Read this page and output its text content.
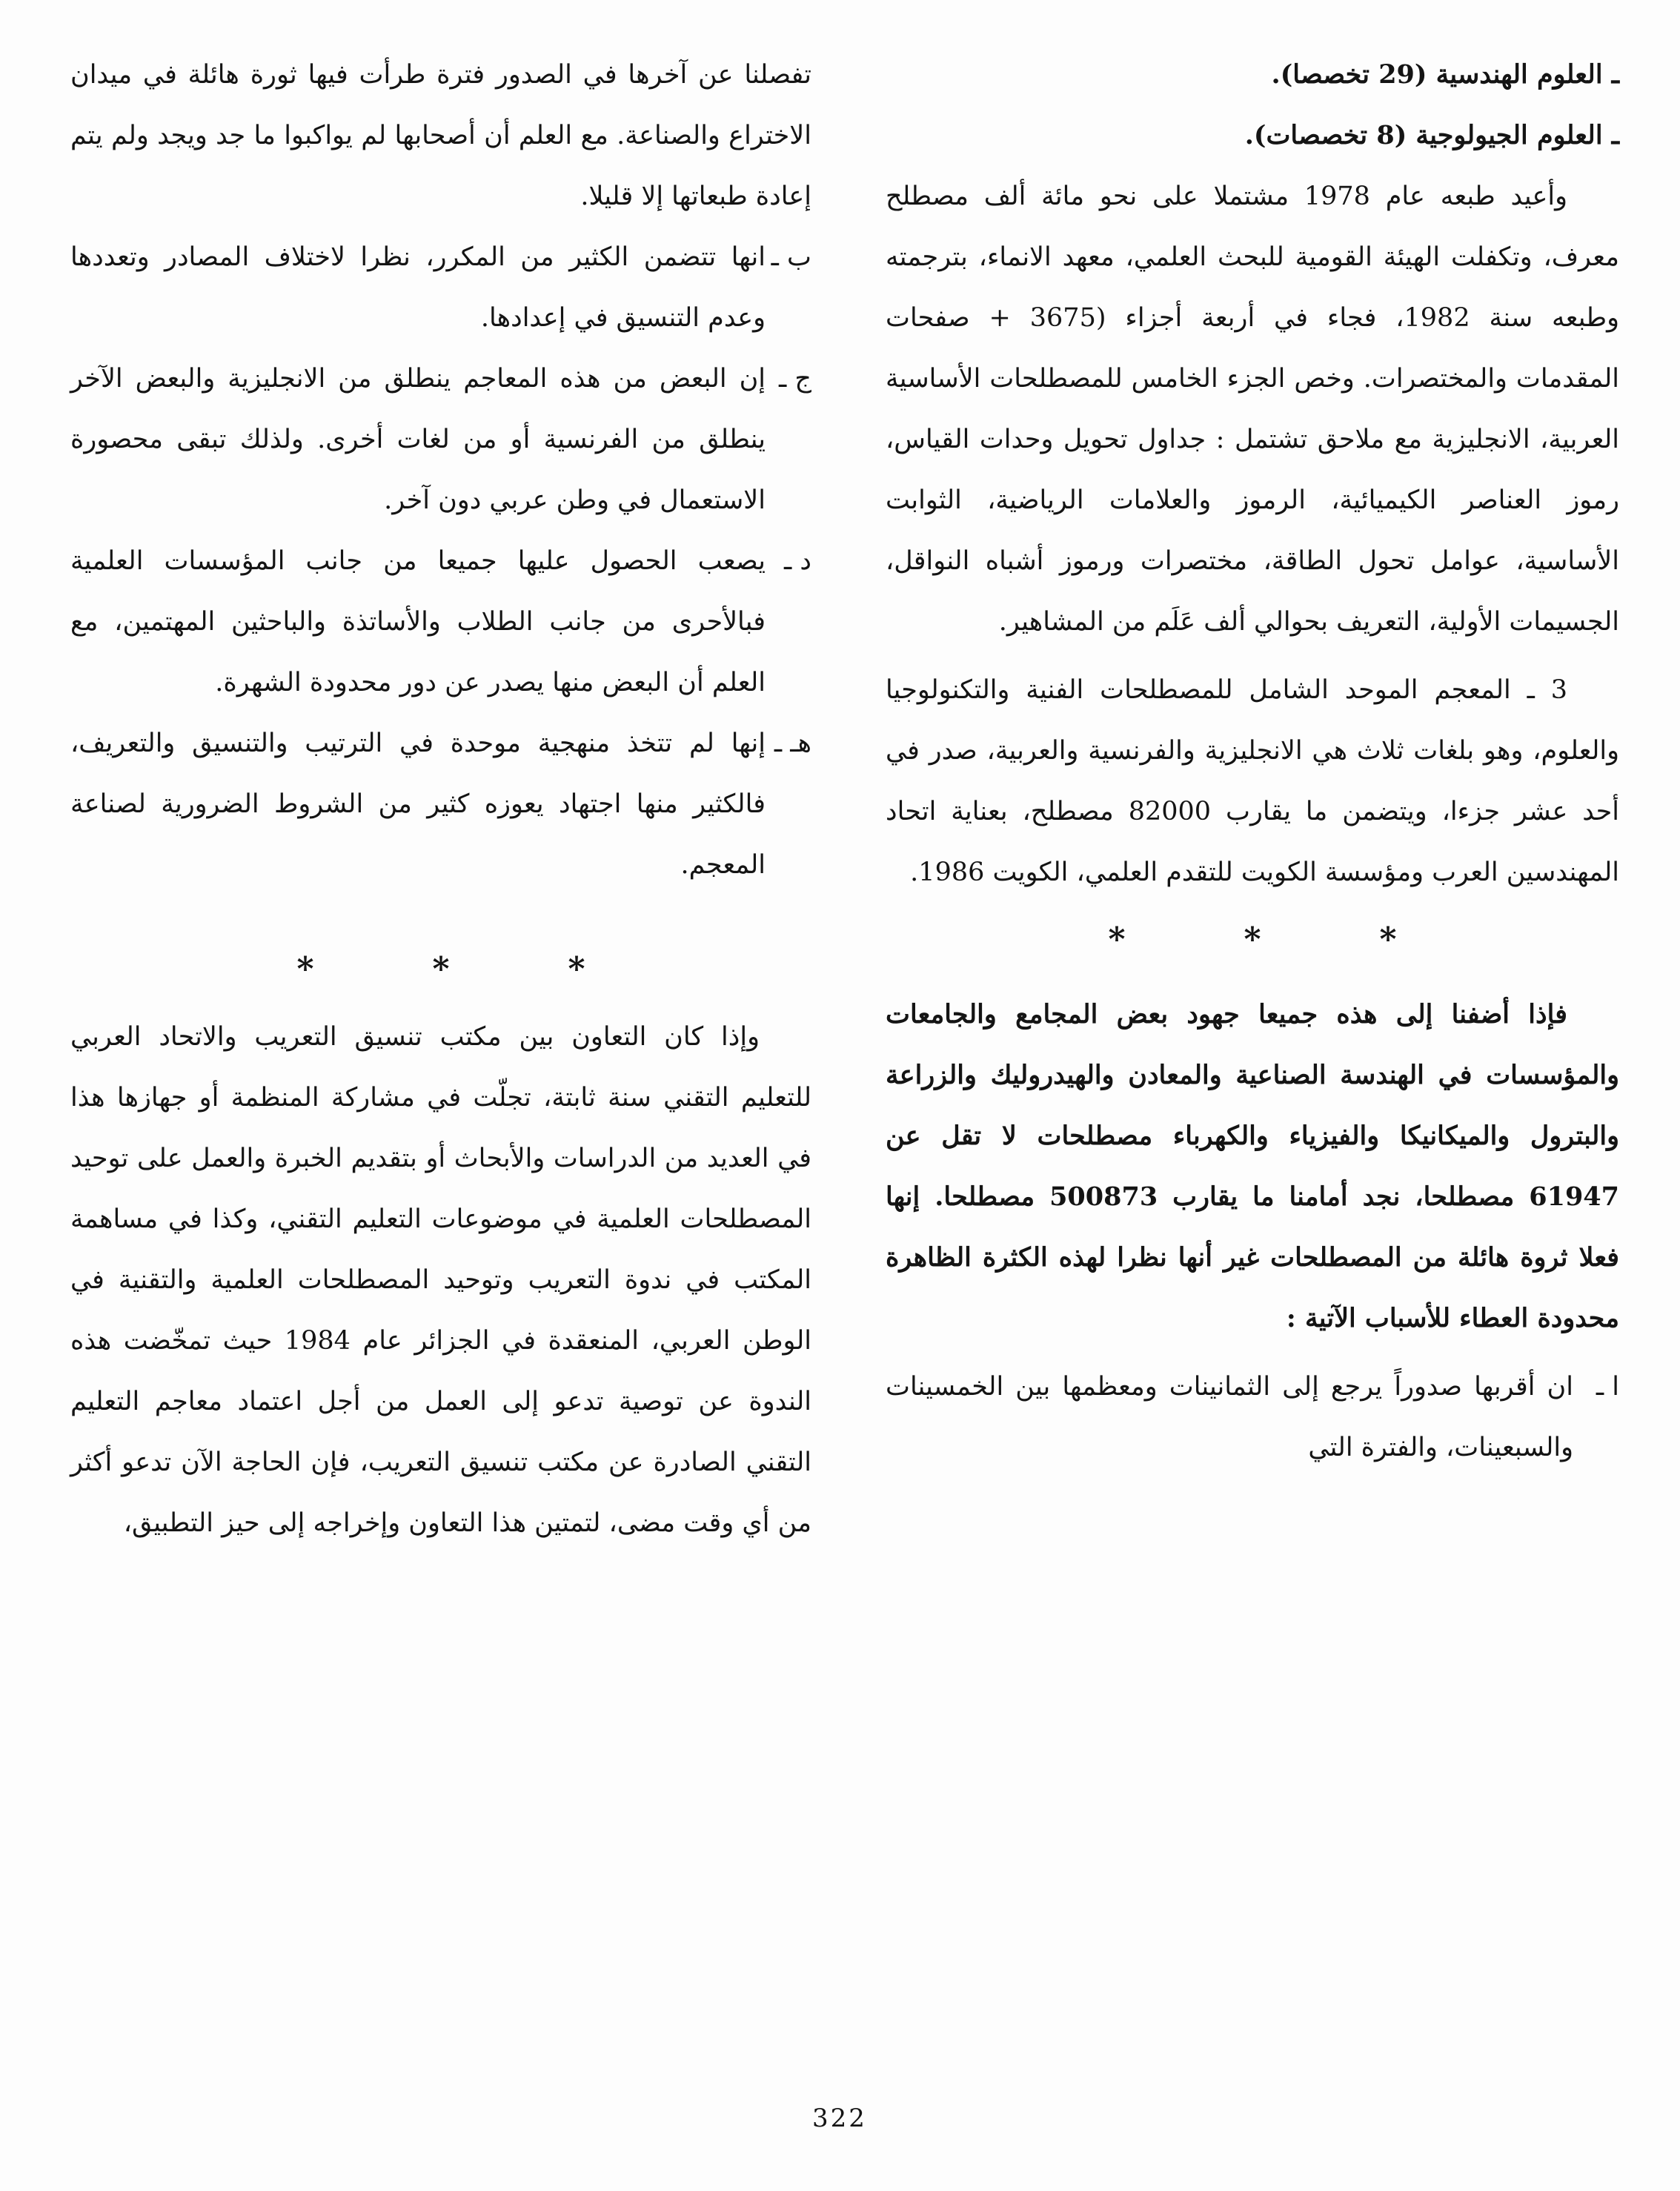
ـ العلوم الهندسية (29 تخصصا).

ـ العلوم الجيولوجية (8 تخصصات).

وأعيد طبعه عام 1978 مشتملا على نحو مائة ألف مصطلح معرف، وتكفلت الهيئة القومية للبحث العلمي، معهد الانماء، بترجمته وطبعه سنة 1982، فجاء في أربعة أجزاء (3675 + صفحات المقدمات والمختصرات. وخص الجزء الخامس للمصطلحات الأساسية العربية، الانجليزية مع ملاحق تشتمل : جداول تحويل وحدات القياس، رموز العناصر الكيميائية، الرموز والعلامات الرياضية، الثوابت الأساسية، عوامل تحول الطاقة، مختصرات ورموز أشباه النواقل، الجسيمات الأولية، التعريف بحوالي ألف عَلَم من المشاهير.

3 ـ المعجم الموحد الشامل للمصطلحات الفنية والتكنولوجيا والعلوم، وهو بلغات ثلاث هي الانجليزية والفرنسية والعربية، صدر في أحد عشر جزءا، ويتضمن ما يقارب 82000 مصطلح، بعناية اتحاد المهندسين العرب ومؤسسة الكويت للتقدم العلمي، الكويت 1986.

*	*	*

فإذا أضفنا إلى هذه جميعا جهود بعض المجامع والجامعات والمؤسسات في الهندسة الصناعية والمعادن والهيدروليك والزراعة والبترول والميكانيكا والفيزياء والكهرباء مصطلحات لا تقل عن 61947 مصطلحا، نجد أمامنا ما يقارب 500873 مصطلحا. إنها فعلا ثروة هائلة من المصطلحات غير أنها نظرا لهذه الكثرة الظاهرة محدودة العطاء للأسباب الآتية :

ا ـ
ان أقربها صدوراً يرجع إلى الثمانينات ومعظمها بين الخمسينات والسبعينات، والفترة التي

تفصلنا عن آخرها في الصدور فترة طرأت فيها ثورة هائلة في ميدان الاختراع والصناعة. مع العلم أن أصحابها لم يواكبوا ما جد ويجد ولم يتم إعادة طبعاتها إلا قليلا.

ب ـ
انها تتضمن الكثير من المكرر، نظرا لاختلاف المصادر وتعددها وعدم التنسيق في إعدادها.
ج ـ
إن البعض من هذه المعاجم ينطلق من الانجليزية والبعض الآخر ينطلق من الفرنسية أو من لغات أخرى. ولذلك تبقى محصورة الاستعمال في وطن عربي دون آخر.
د ـ
يصعب الحصول عليها جميعا من جانب المؤسسات العلمية فبالأحرى من جانب الطلاب والأساتذة والباحثين المهتمين، مع العلم أن البعض منها يصدر عن دور محدودة الشهرة.
هـ ـ
إنها لم تتخذ منهجية موحدة في الترتيب والتنسيق والتعريف، فالكثير منها اجتهاد يعوزه كثير من الشروط الضرورية لصناعة المعجم.
*	*	*

وإذا كان التعاون بين مكتب تنسيق التعريب والاتحاد العربي للتعليم التقني سنة ثابتة، تجلّت في مشاركة المنظمة أو جهازها هذا في العديد من الدراسات والأبحاث أو بتقديم الخبرة والعمل على توحيد المصطلحات العلمية في موضوعات التعليم التقني، وكذا في مساهمة المكتب في ندوة التعريب وتوحيد المصطلحات العلمية والتقنية في الوطن العربي، المنعقدة في الجزائر عام 1984 حيث تمخّضت هذه الندوة عن توصية تدعو إلى العمل من أجل اعتماد معاجم التعليم التقني الصادرة عن مكتب تنسيق التعريب، فإن الحاجة الآن تدعو أكثر من أي وقت مضى، لتمتين هذا التعاون وإخراجه إلى حيز التطبيق،

322
